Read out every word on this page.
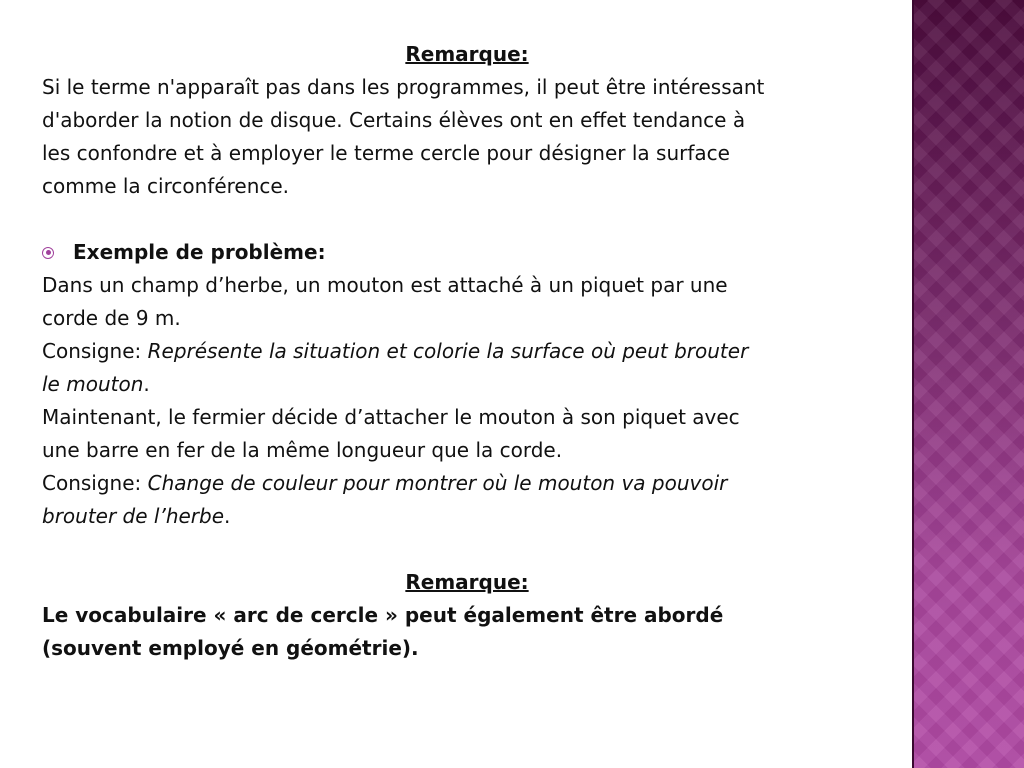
Remarque:

Si le terme n'apparaît pas dans les programmes, il peut être intéressant

d'aborder la notion de disque. Certains élèves ont en effet tendance à

les confondre et à employer le terme cercle pour désigner la surface

comme la circonférence.

Exemple de problème:

Dans un champ d’herbe, un mouton est attaché à un piquet par une

corde de 9 m.

Consigne: Représente la situation et colorie la surface où peut brouter

le mouton.

Maintenant, le fermier décide d’attacher le mouton à son piquet avec

une barre en fer de la même longueur que la corde.

Consigne: Change de couleur pour montrer où le mouton va pouvoir

brouter de l’herbe.

Remarque:

Le vocabulaire « arc de cercle » peut également être abordé

(souvent employé en géométrie).
